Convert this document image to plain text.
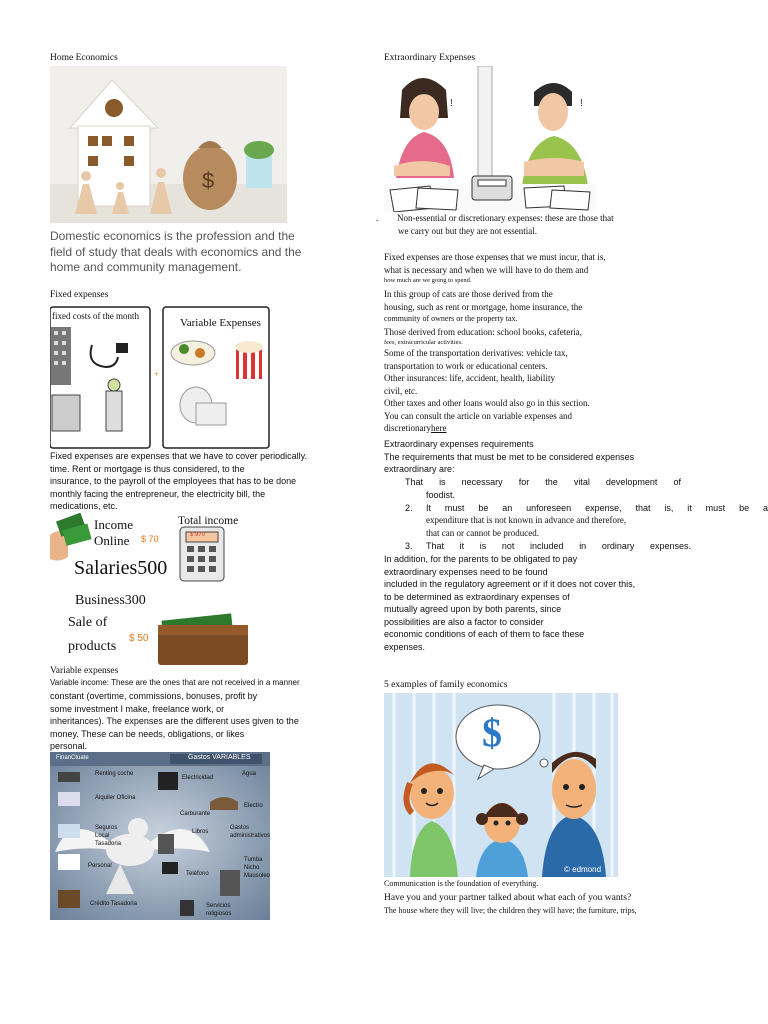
Home Economics
$
Domestic economics is the profession and the
field of study that deals with economics and the
home and community management.
Fixed expenses
+
fixed costs of the month
Variable Expenses
Fixed expenses are expenses that we have to cover periodically.
time. Rent or mortgage is thus considered, to the
insurance, to the payroll of the employees that has to be done
monthly facing the entrepreneur, the electricity bill, the
medications, etc.
Income
Online $ 70
Total income
$ 970
Salaries500
Business300
Sale of
products
$ 50
Variable expenses
Variable income: These are the ones that are not received in a manner
constant (overtime, commissions, bonuses, profit by
some investment I make, freelance work, or
inheritances). The expenses are the different uses given to the
money. These can be needs, obligations, or likes
personal.
FinanCtuate	Gastos VARIABLES
Renting coche
Electricidad
Agua
Alquiler Oficina
Carburante
Electro
Seguros Local Tasadoria
Gastos administrativos
Libros
Personal
Teléfono
Tumba Nicho Mausoleo
Crédito Tasadoria	Servicios religiosos
Extraordinary Expenses
!	!
. Non-essential or discretionary expenses: these are those that
we carry out but they are not essential.
Fixed expenses are those expenses that we must incur, that is,
what is necessary and when we will have to do them and
how much are we going to spend.
In this group of cats are those derived from the
housing, such as rent or mortgage, home insurance, the
community of owners or the property tax.
Those derived from education: school books, cafeteria,
fees, extracurricular activities.
Some of the transportation derivatives: vehicle tax,
transportation to work or educational centers.
Other insurances: life, accident, health, liability
civil, etc.
Other taxes and other loans would also go in this section.
You can consult the article on variable expenses and
discretionaryhere
Extraordinary expenses requirements
The requirements that must be met to be considered expenses
extraordinary are:
That is necessary for the vital development of
foodist.
2. It must be an unforeseen expense, that is, it must be a
expenditure that is not known in advance and therefore,
that can or cannot be produced.
3. That it is not included in ordinary expenses.
In addition, for the parents to be obligated to pay
extraordinary expenses need to be found
included in the regulatory agreement or if it does not cover this,
to be determined as extraordinary expenses of
mutually agreed upon by both parents, since
possibilities are also a factor to consider
economic conditions of each of them to face these
expenses.
5 examples of family economics
$
© edmond
Communication is the foundation of everything.
Have you and your partner talked about what each of you wants?
The house where they will live; the children they will have; the furniture, trips,
